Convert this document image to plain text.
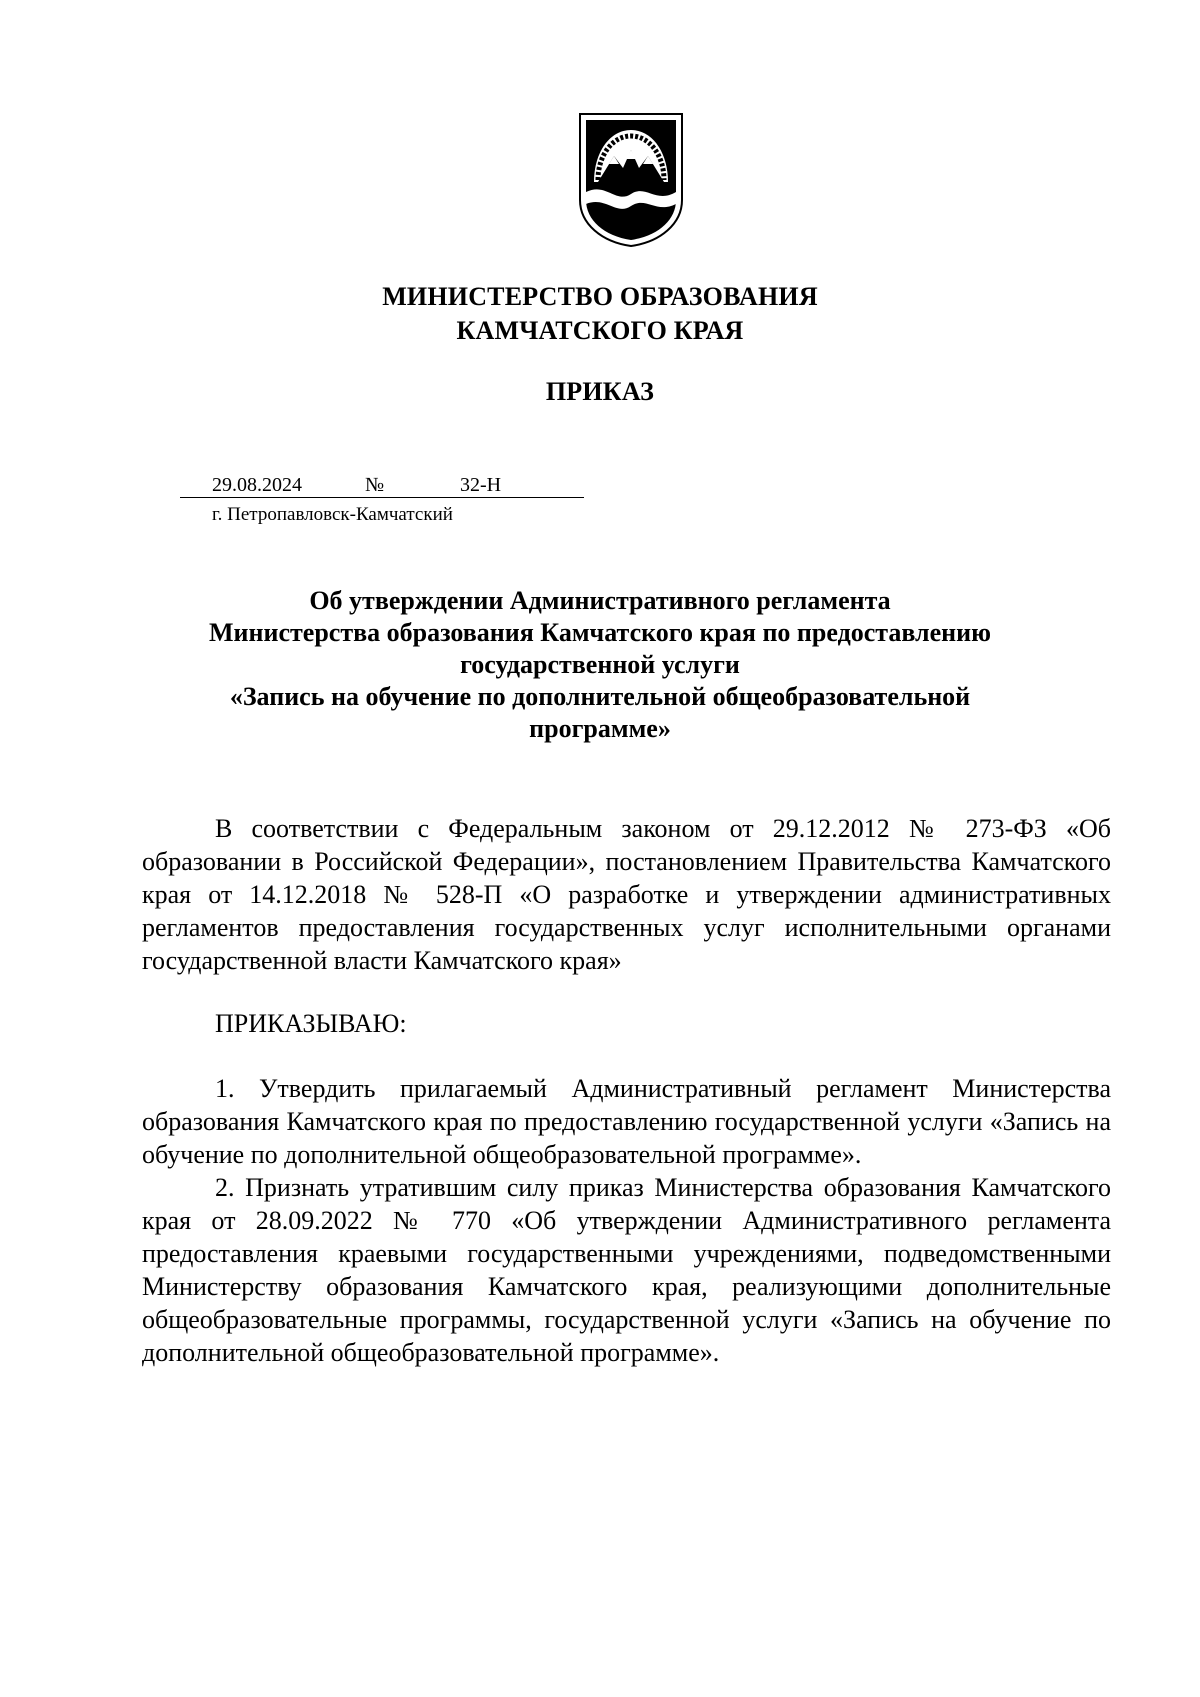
МИНИСТЕРСТВО ОБРАЗОВАНИЯ
КАМЧАТСКОГО КРАЯ
ПРИКАЗ
29.08.2024	№	32-Н
г. Петропавловск-Камчатский
Об утверждении Административного регламента
Министерства образования Камчатского края по предоставлению
государственной услуги
«Запись на обучение по дополнительной общеобразовательной
программе»

В соответствии с Федеральным законом от 29.12.2012 № 273-ФЗ «Об образовании в Российской Федерации», постановлением Правительства Камчатского края от 14.12.2018 № 528-П «О разработке и утверждении административных регламентов предоставления государственных услуг исполнительными органами государственной власти Камчатского края»

ПРИКАЗЫВАЮ:

1. Утвердить прилагаемый Административный регламент Министерства образования Камчатского края по предоставлению государственной услуги «Запись на обучение по дополнительной общеобразовательной программе».

2. Признать утратившим силу приказ Министерства образования Камчатского края от 28.09.2022 № 770 «Об утверждении Административного регламента предоставления краевыми государственными учреждениями, подведомственными Министерству образования Камчатского края, реализующими дополнительные общеобразовательные программы, государственной услуги «Запись на обучение по дополнительной общеобразовательной программе».
